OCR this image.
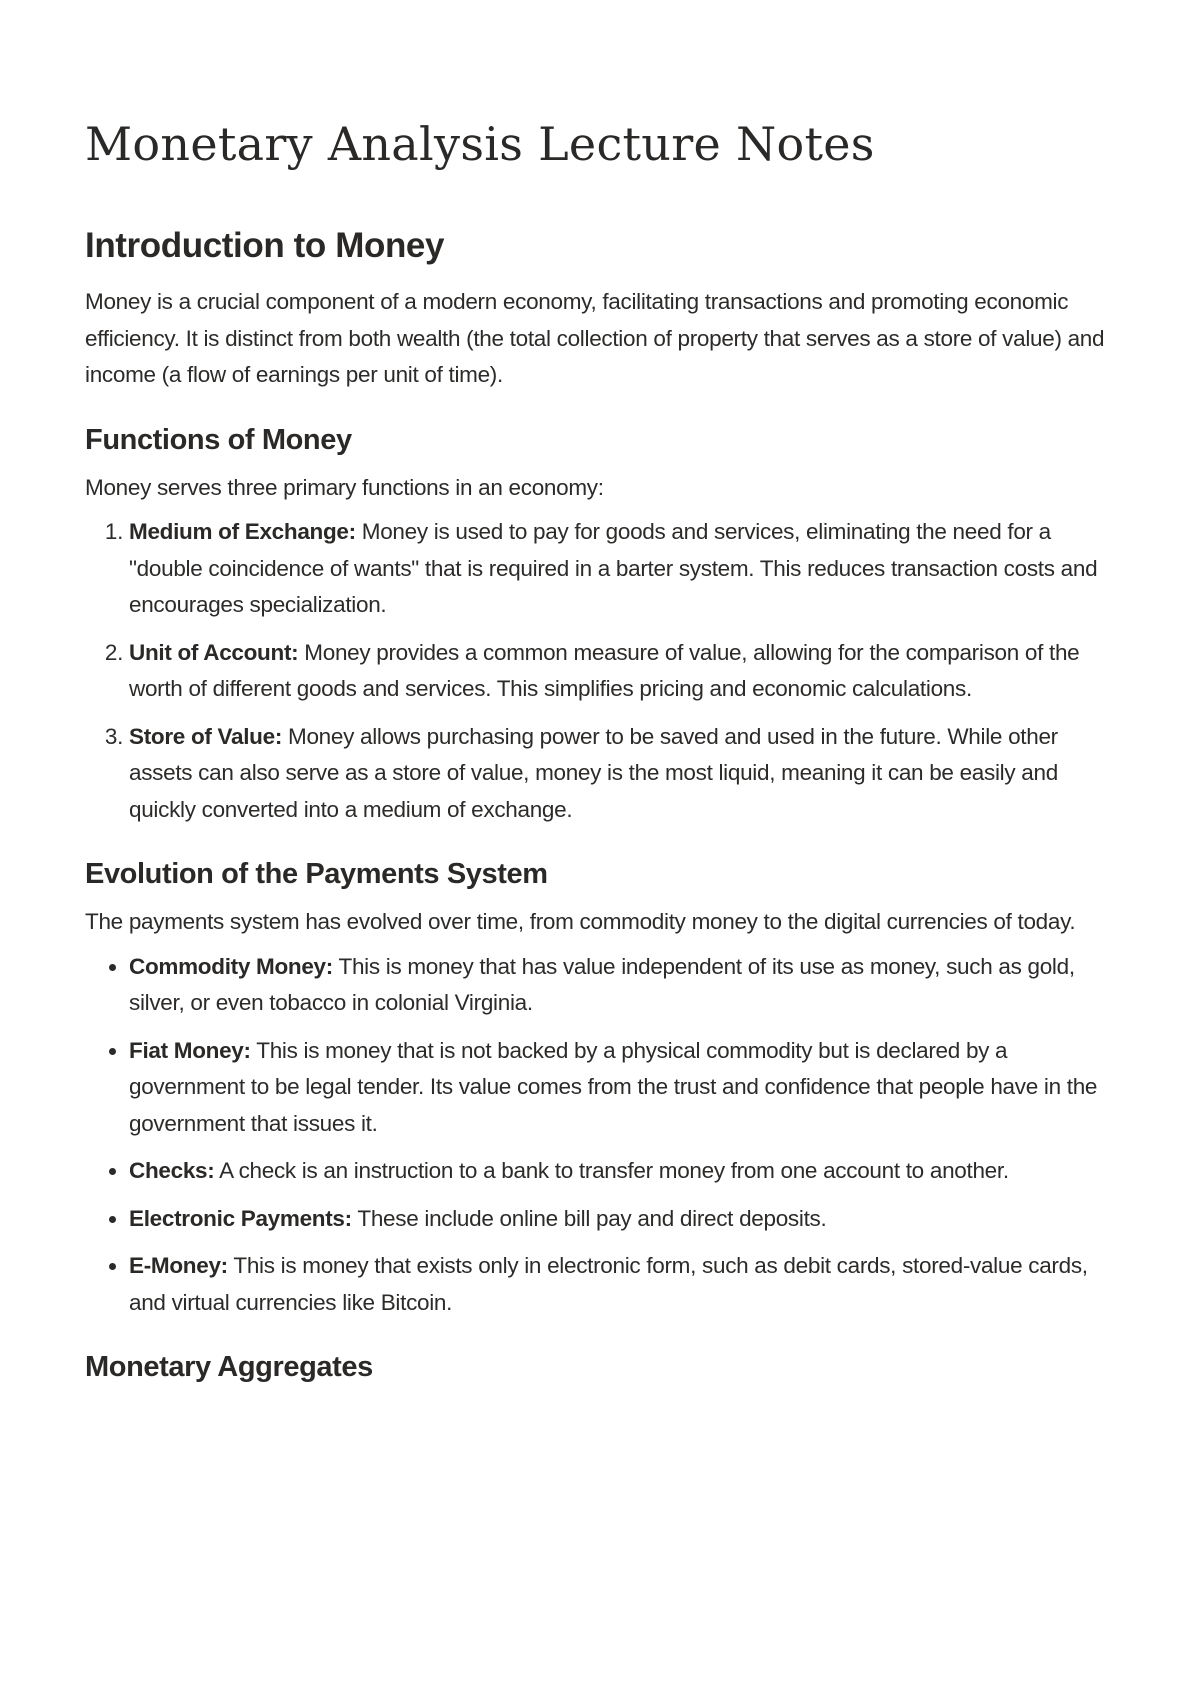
Monetary Analysis Lecture Notes
Introduction to Money

Money is a crucial component of a modern economy, facilitating transactions and promoting economic efficiency. It is distinct from both wealth (the total collection of property that serves as a store of value) and income (a flow of earnings per unit of time).

Functions of Money

Money serves three primary functions in an economy:

1. Medium of Exchange: Money is used to pay for goods and services, eliminating the need for a "double coincidence of wants" that is required in a barter system. This reduces transaction costs and encourages specialization.
2. Unit of Account: Money provides a common measure of value, allowing for the comparison of the worth of different goods and services. This simplifies pricing and economic calculations.
3. Store of Value: Money allows purchasing power to be saved and used in the future. While other assets can also serve as a store of value, money is the most liquid, meaning it can be easily and quickly converted into a medium of exchange.
Evolution of the Payments System

The payments system has evolved over time, from commodity money to the digital currencies of today.

• Commodity Money: This is money that has value independent of its use as money, such as gold, silver, or even tobacco in colonial Virginia.
• Fiat Money: This is money that is not backed by a physical commodity but is declared by a government to be legal tender. Its value comes from the trust and confidence that people have in the government that issues it.
• Checks: A check is an instruction to a bank to transfer money from one account to another.
• Electronic Payments: These include online bill pay and direct deposits.
• E-Money: This is money that exists only in electronic form, such as debit cards, stored-value cards, and virtual currencies like Bitcoin.
Monetary Aggregates
